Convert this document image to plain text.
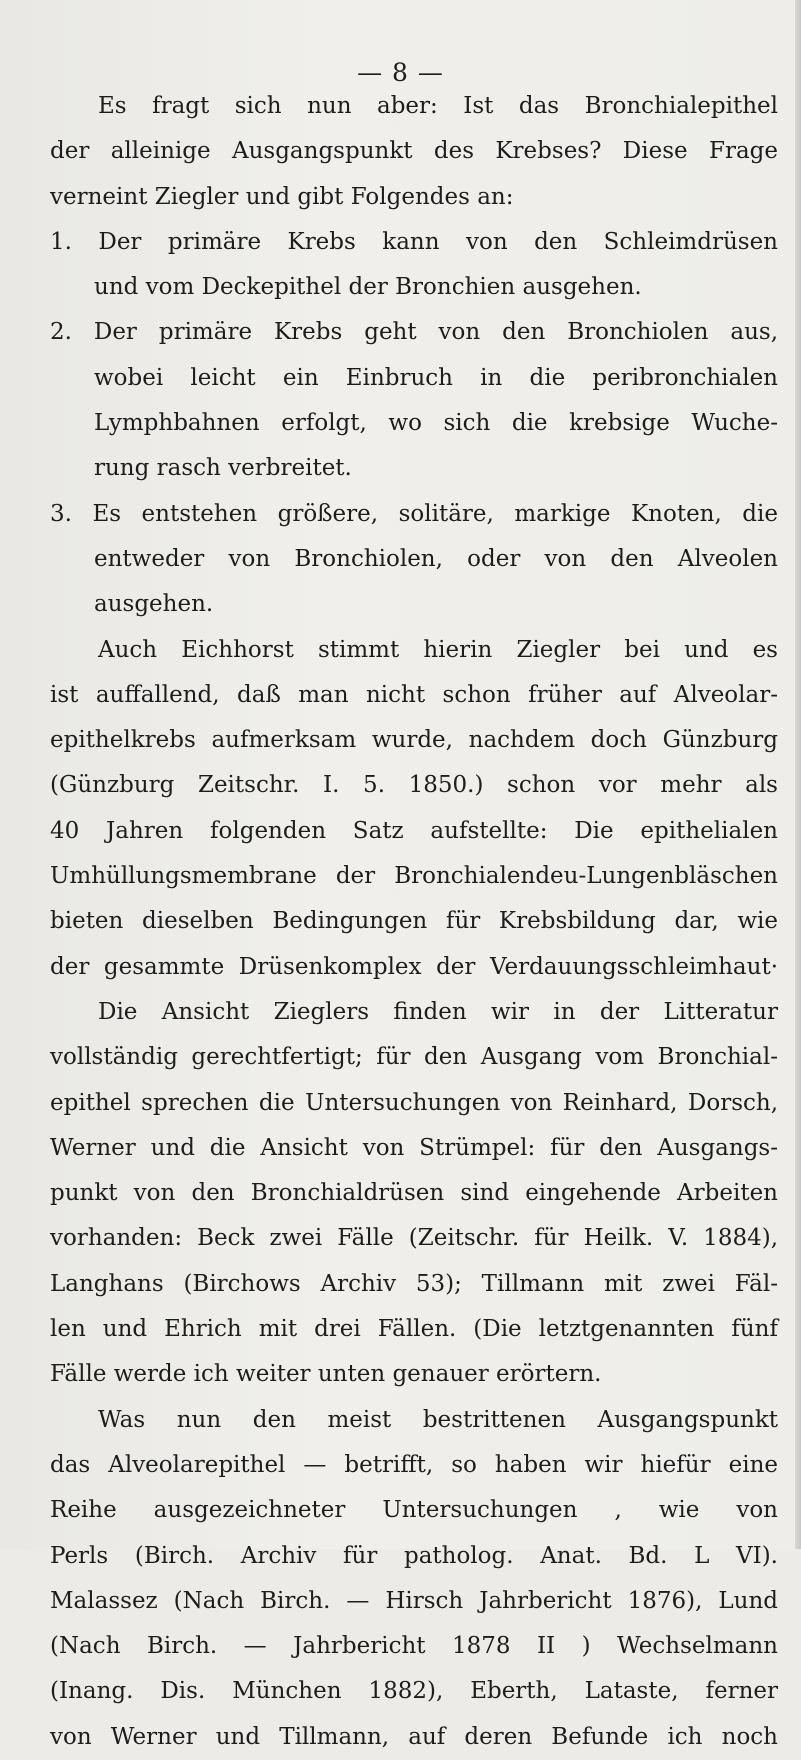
— 8 —
Es fragt sich nun aber: Ist das Bronchialepithel
der alleinige Ausgangspunkt des Krebses? Diese Frage
verneint Ziegler und gibt Folgendes an:
1. Der primäre Krebs kann von den Schleimdrüsen
und vom Deckepithel der Bronchien ausgehen.
2. Der primäre Krebs geht von den Bronchiolen aus,
wobei leicht ein Einbruch in die peribronchialen
Lymphbahnen erfolgt, wo sich die krebsige Wuche-
rung rasch verbreitet.
3. Es entstehen größere, solitäre, markige Knoten, die
entweder von Bronchiolen, oder von den Alveolen
ausgehen.
Auch Eichhorst stimmt hierin Ziegler bei und es
ist auffallend, daß man nicht schon früher auf Alveolar-
epithelkrebs aufmerksam wurde, nachdem doch Günzburg
(Günzburg Zeitschr. I. 5. 1850.) schon vor mehr als
40 Jahren folgenden Satz aufstellte: Die epithelialen
Umhüllungsmembrane der Bronchialendeu-Lungenbläschen
bieten dieselben Bedingungen für Krebsbildung dar, wie
der gesammte Drüsenkomplex der Verdauungsschleimhaut·
Die Ansicht Zieglers finden wir in der Litteratur
vollständig gerechtfertigt; für den Ausgang vom Bronchial-
epithel sprechen die Untersuchungen von Reinhard, Dorsch,
Werner und die Ansicht von Strümpel: für den Ausgangs-
punkt von den Bronchialdrüsen sind eingehende Arbeiten
vorhanden: Beck zwei Fälle (Zeitschr. für Heilk. V. 1884),
Langhans (Birchows Archiv 53); Tillmann mit zwei Fäl-
len und Ehrich mit drei Fällen. (Die letztgenannten fünf
Fälle werde ich weiter unten genauer erörtern.
Was nun den meist bestrittenen Ausgangspunkt
das Alveolarepithel — betrifft, so haben wir hiefür eine
Reihe ausgezeichneter Untersuchungen , wie von
Perls (Birch. Archiv für patholog. Anat. Bd. L VI).
Malassez (Nach Birch. — Hirsch Jahrbericht 1876), Lund
(Nach Birch. — Jahrbericht 1878 II ) Wechselmann
(Inang. Dis. München 1882), Eberth, Lataste, ferner
von Werner und Tillmann, auf deren Befunde ich noch
